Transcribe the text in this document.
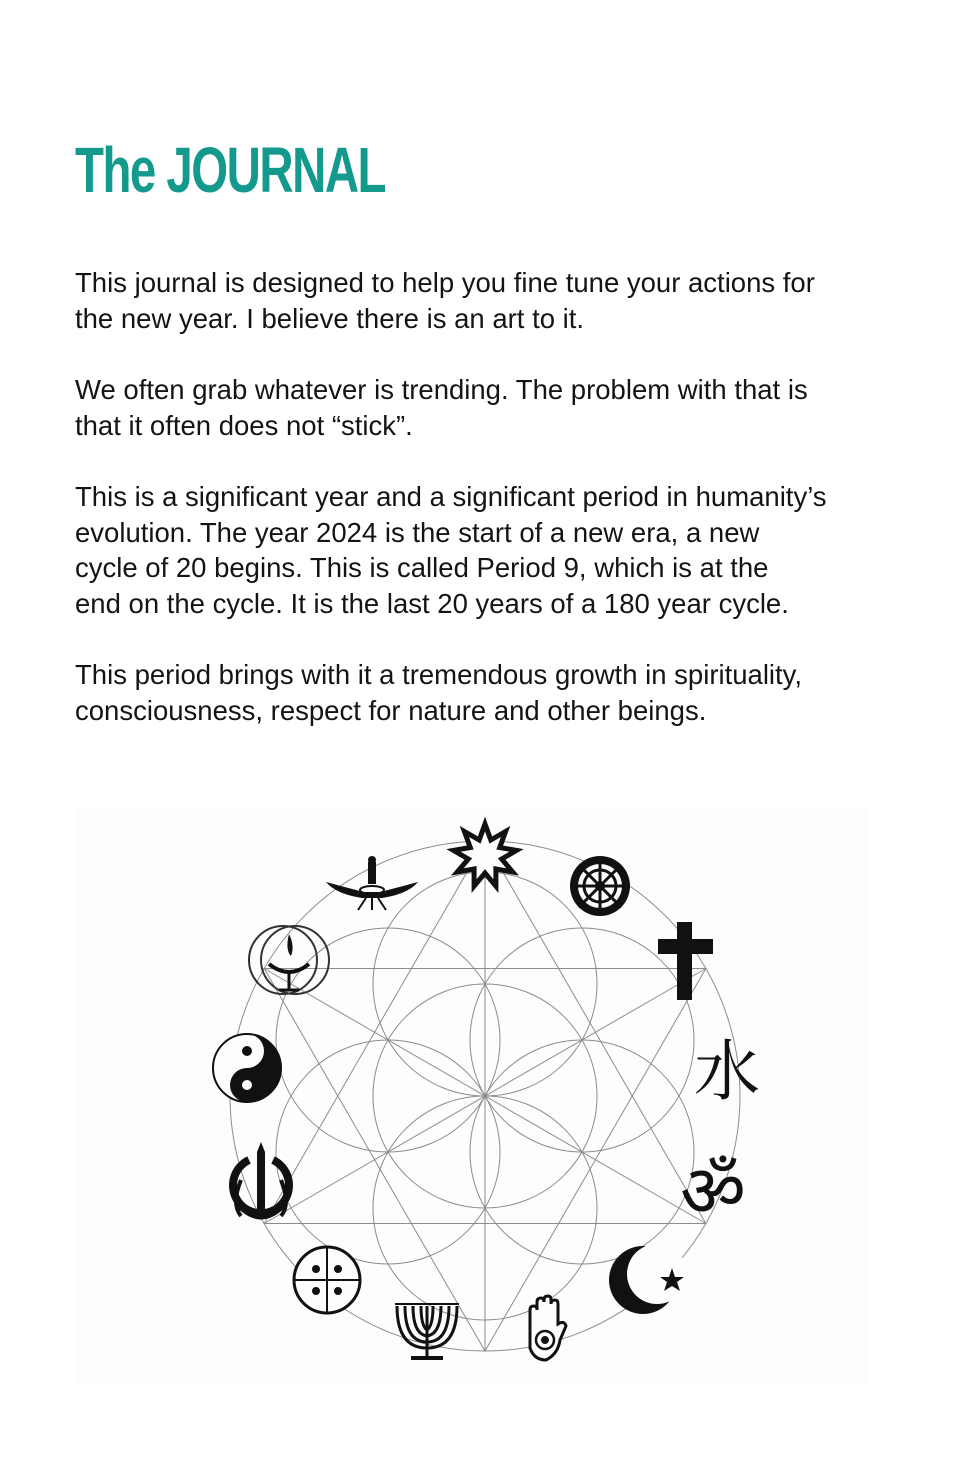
The JOURNAL

This journal is designed to help you fine tune your actions for
the new year. I believe there is an art to it.

We often grab whatever is trending. The problem with that is
that it often does not “stick”.

This is a significant year and a significant period in humanity’s
evolution. The year 2024 is the start of a new era, a new
cycle of 20 begins. This is called Period 9, which is at the
end on the cycle. It is the last 20 years of a 180 year cycle.

This period brings with it a tremendous growth in spirituality,
consciousness, respect for nature and other beings.

水
ॐ
